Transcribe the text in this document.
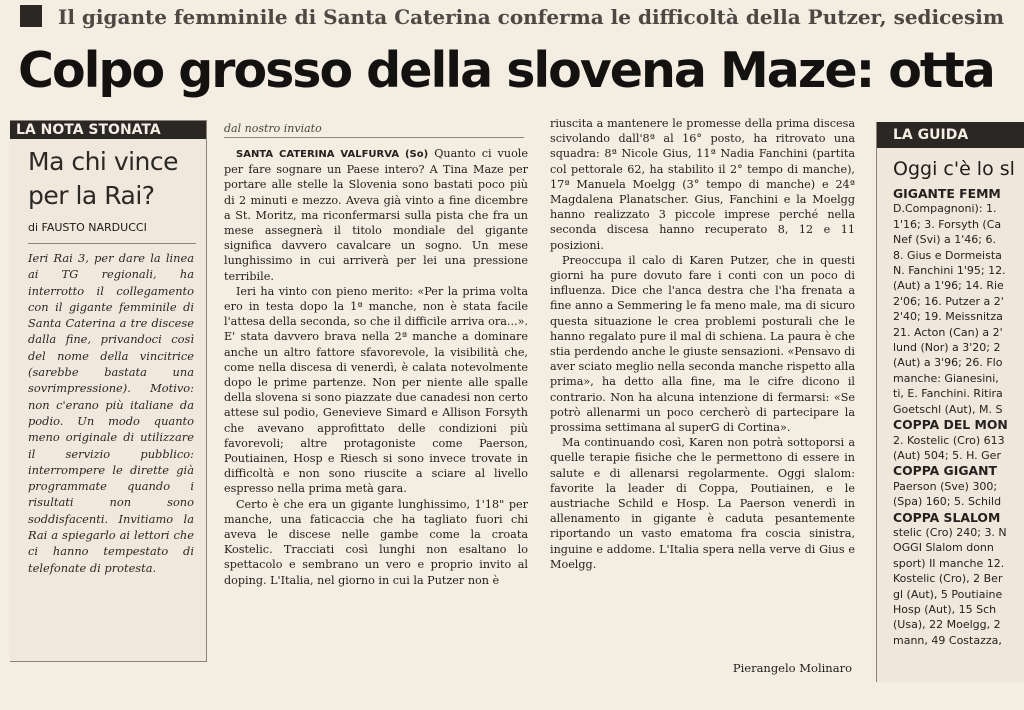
Il gigante femminile di Santa Caterina conferma le difficoltà della Putzer, sedicesim
Colpo grosso della slovena Maze: otta
LA NOTA STONATA
Ma chi vince per la Rai?
di FAUSTO NARDUCCI
Ieri Rai 3, per dare la linea ai TG regionali, ha interrotto il collegamento con il gigante femminile di Santa Caterina a tre discese dalla fine, privandoci così del nome della vincitrice (sarebbe bastata una sovrimpressione). Motivo: non c'erano più italiane da podio. Un modo quanto meno originale di utilizzare il servizio pubblico: interrompere le dirette già programmate quando i risultati non sono soddisfacenti. Invitiamo la Rai a spiegarlo ai lettori che ci hanno tempestato di telefonate di protesta.
dal nostro inviato

SANTA CATERINA VALFURVA (So) Quanto ci vuole per fare sognare un Paese intero? A Tina Maze per portare alle stelle la Slovenia sono bastati poco più di 2 minuti e mezzo. Aveva già vinto a fine dicembre a St. Moritz, ma riconfermarsi sulla pista che fra un mese assegnerà il titolo mondiale del gigante significa davvero cavalcare un sogno. Un mese lunghissimo in cui arriverà per lei una pressione terribile.

Ieri ha vinto con pieno merito: «Per la prima volta ero in testa dopo la 1ª manche, non è stata facile l'attesa della seconda, so che il difficile arriva ora...». E' stata davvero brava nella 2ª manche a dominare anche un altro fattore sfavorevole, la visibilità che, come nella discesa di venerdì, è calata notevolmente dopo le prime partenze. Non per niente alle spalle della slovena si sono piazzate due canadesi non certo attese sul podio, Genevieve Simard e Allison Forsyth che avevano approfittato delle condizioni più favorevoli; altre protagoniste come Paerson, Poutiainen, Hosp e Riesch si sono invece trovate in difficoltà e non sono riuscite a sciare al livello espresso nella prima metà gara.

Certo è che era un gigante lunghissimo, 1'18" per manche, una faticaccia che ha tagliato fuori chi aveva le discese nelle gambe come la croata Kostelic. Tracciati così lunghi non esaltano lo spettacolo e sembrano un vero e proprio invito al doping. L'Italia, nel giorno in cui la Putzer non è

riuscita a mantenere le promesse della prima discesa scivolando dall'8ª al 16° posto, ha ritrovato una squadra: 8ª Nicole Gius, 11ª Nadia Fanchini (partita col pettorale 62, ha stabilito il 2° tempo di manche), 17ª Manuela Moelgg (3° tempo di manche) e 24ª Magdalena Planatscher. Gius, Fanchini e la Moelgg hanno realizzato 3 piccole imprese perché nella seconda discesa hanno recuperato 8, 12 e 11 posizioni.

Preoccupa il calo di Karen Putzer, che in questi giorni ha pure dovuto fare i conti con un poco di influenza. Dice che l'anca destra che l'ha frenata a fine anno a Semmering le fa meno male, ma di sicuro questa situazione le crea problemi posturali che le hanno regalato pure il mal di schiena. La paura è che stia perdendo anche le giuste sensazioni. «Pensavo di aver sciato meglio nella seconda manche rispetto alla prima», ha detto alla fine, ma le cifre dicono il contrario. Non ha alcuna intenzione di fermarsi: «Se potrò allenarmi un poco cercherò di partecipare la prossima settimana al superG di Cortina».

Ma continuando così, Karen non potrà sottoporsi a quelle terapie fisiche che le permettono di essere in salute e di allenarsi regolarmente. Oggi slalom: favorite la leader di Coppa, Poutiainen, e le austriache Schild e Hosp. La Paerson venerdì in allenamento in gigante è caduta pesantemente riportando un vasto ematoma fra coscia sinistra, inguine e addome. L'Italia spera nella verve di Gius e Moelgg.

Pierangelo Molinaro
LA GUIDA
Oggi c'è lo sl
GIGANTE FEMM
D.Compagnoni): 1.
1'16; 3. Forsyth (Ca
Nef (Svi) a 1'46; 6.
8. Gius e Dormeista
N. Fanchini 1'95; 12.
(Aut) a 1'96; 14. Rie
2'06; 16. Putzer a 2'
2'40; 19. Meissnitza
21. Acton (Can) a 2'
lund (Nor) a 3'20; 2
(Aut) a 3'96; 26. Flo
manche: Gianesini,
ti, E. Fanchini. Ritira
Goetschl (Aut), M. S
COPPA DEL MON
2. Kostelic (Cro) 613
(Aut) 504; 5. H. Ger
COPPA GIGANT
Paerson (Sve) 300;
(Spa) 160; 5. Schild
COPPA SLALOM
stelic (Cro) 240; 3. N
OGGI Slalom donn
sport) II manche 12.
Kostelic (Cro), 2 Ber
gl (Aut), 5 Poutiaine
Hosp (Aut), 15 Sch
(Usa), 22 Moelgg, 2
mann, 49 Costazza,
